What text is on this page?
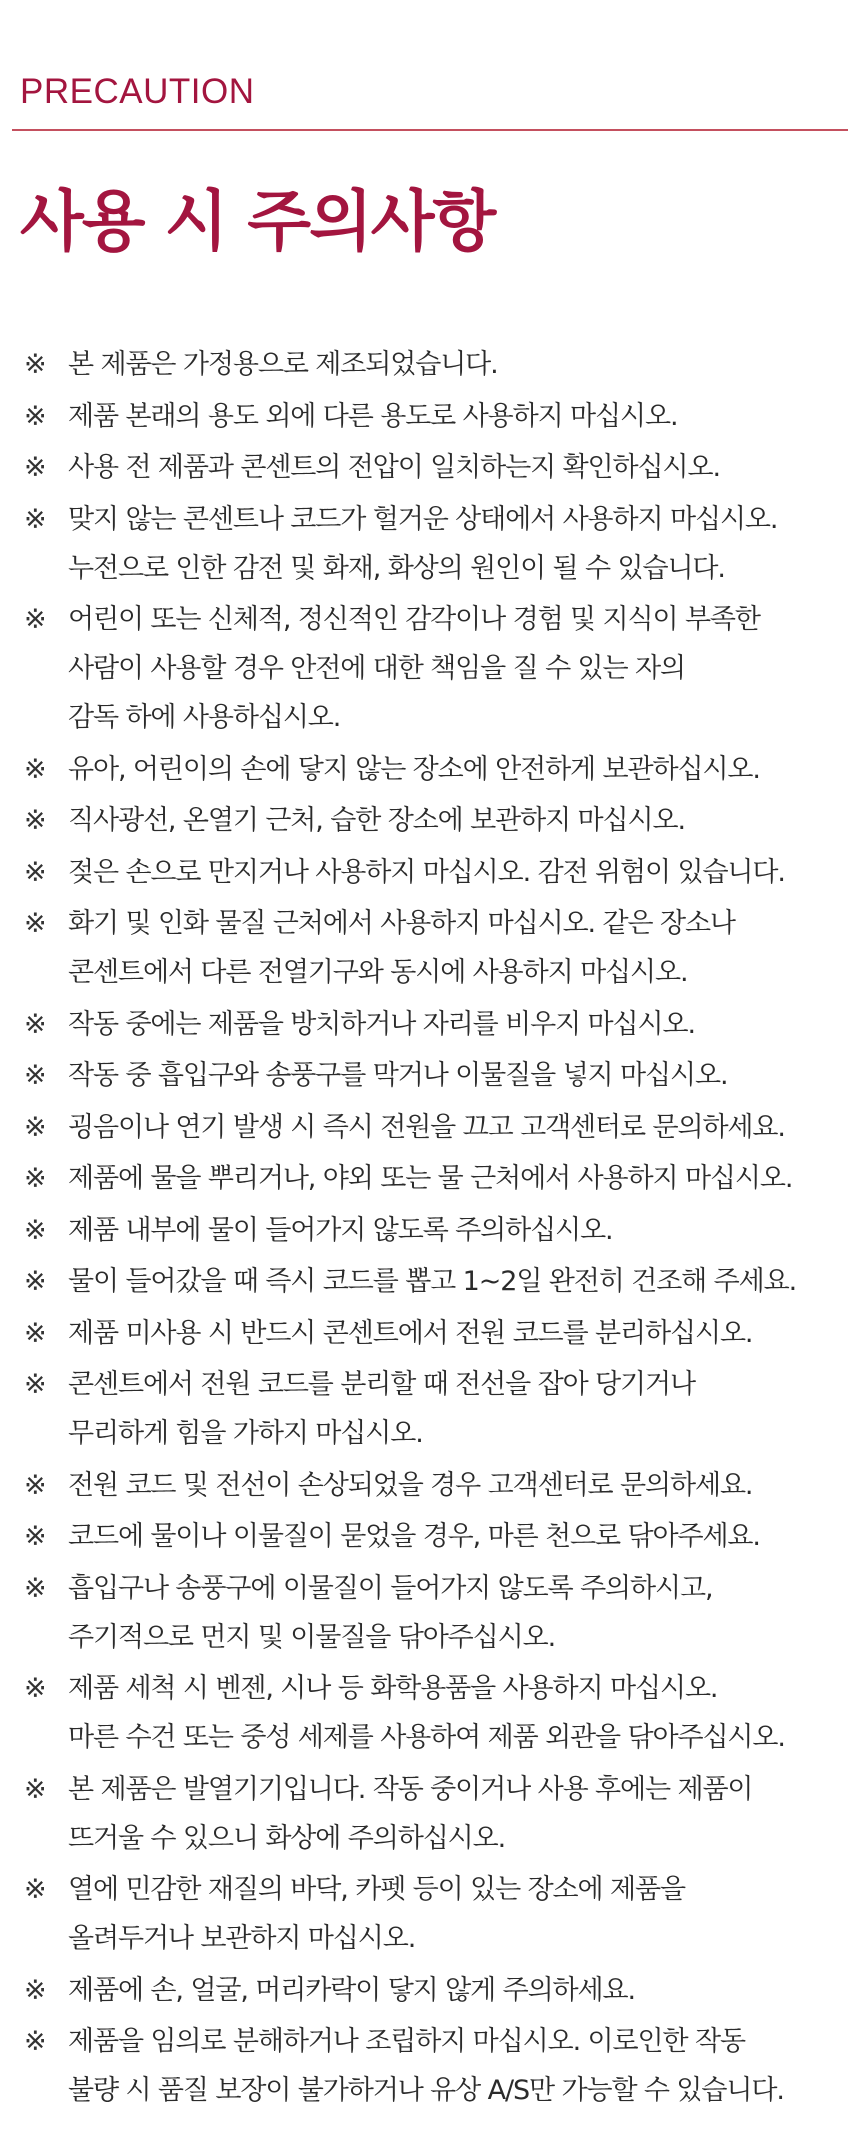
PRECAUTION
사용 시 주의사항
※ 본 제품은 가정용으로 제조되었습니다.
※ 제품 본래의 용도 외에 다른 용도로 사용하지 마십시오.
※ 사용 전 제품과 콘센트의 전압이 일치하는지 확인하십시오.
※ 맞지 않는 콘센트나 코드가 헐거운 상태에서 사용하지 마십시오.
누전으로 인한 감전 및 화재, 화상의 원인이 될 수 있습니다.
※ 어린이 또는 신체적, 정신적인 감각이나 경험 및 지식이 부족한
사람이 사용할 경우 안전에 대한 책임을 질 수 있는 자의
감독 하에 사용하십시오.
※ 유아, 어린이의 손에 닿지 않는 장소에 안전하게 보관하십시오.
※ 직사광선, 온열기 근처, 습한 장소에 보관하지 마십시오.
※ 젖은 손으로 만지거나 사용하지 마십시오. 감전 위험이 있습니다.
※ 화기 및 인화 물질 근처에서 사용하지 마십시오. 같은 장소나
콘센트에서 다른 전열기구와 동시에 사용하지 마십시오.
※ 작동 중에는 제품을 방치하거나 자리를 비우지 마십시오.
※ 작동 중 흡입구와 송풍구를 막거나 이물질을 넣지 마십시오.
※ 굉음이나 연기 발생 시 즉시 전원을 끄고 고객센터로 문의하세요.
※ 제품에 물을 뿌리거나, 야외 또는 물 근처에서 사용하지 마십시오.
※ 제품 내부에 물이 들어가지 않도록 주의하십시오.
※ 물이 들어갔을 때 즉시 코드를 뽑고 1~2일 완전히 건조해 주세요.
※ 제품 미사용 시 반드시 콘센트에서 전원 코드를 분리하십시오.
※ 콘센트에서 전원 코드를 분리할 때 전선을 잡아 당기거나
무리하게 힘을 가하지 마십시오.
※ 전원 코드 및 전선이 손상되었을 경우 고객센터로 문의하세요.
※ 코드에 물이나 이물질이 묻었을 경우, 마른 천으로 닦아주세요.
※ 흡입구나 송풍구에 이물질이 들어가지 않도록 주의하시고,
주기적으로 먼지 및 이물질을 닦아주십시오.
※ 제품 세척 시 벤젠, 시나 등 화학용품을 사용하지 마십시오.
마른 수건 또는 중성 세제를 사용하여 제품 외관을 닦아주십시오.
※ 본 제품은 발열기기입니다. 작동 중이거나 사용 후에는 제품이
뜨거울 수 있으니 화상에 주의하십시오.
※ 열에 민감한 재질의 바닥, 카펫 등이 있는 장소에 제품을
올려두거나 보관하지 마십시오.
※ 제품에 손, 얼굴, 머리카락이 닿지 않게 주의하세요.
※ 제품을 임의로 분해하거나 조립하지 마십시오. 이로인한 작동
불량 시 품질 보장이 불가하거나 유상 A/S만 가능할 수 있습니다.
